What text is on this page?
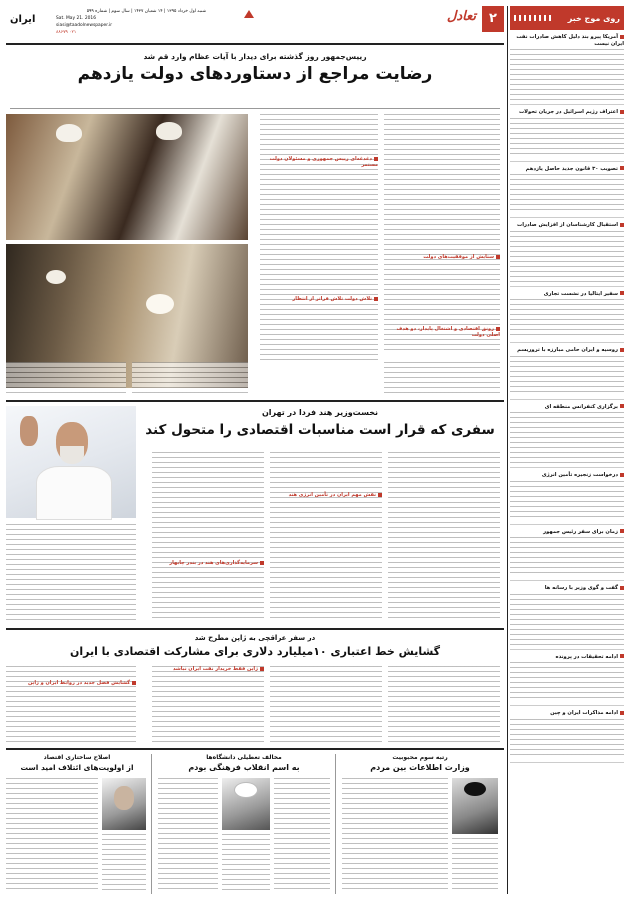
روی موج خبر
آمریکا پیرو بند دلیل کاهش صادرات نفت ایران نیست
اعتراف رژیم اسرائیل در جریان تحولات
تصویب ۳۰ قانون جدید حاصل یازدهم
استقبال کارشناسان از افزایش صادرات
سفیر ایتالیا در نشست تجاری
روسیه و ایران حامی مبارزه با تروریسم
برگزاری کنفرانس منطقه ای
درخواست زنجیره تأمین انرژی
زمان برای سفر رئیس جمهور
گفت و گوی وزیر با رسانه ها
ادامه تحقیقات در پرونده
ادامه مذاکرات ایران و چین
۲
تعادل
شنبه اول خرداد ۱۳۹۵ | ۱۴ شعبان ۱۴۳۷ | سال سوم | شماره ۵۹۹
Sat. May 21. 2016
siasi@taadolnewspaper.ir
۸۸۶۷۹ ۰۲۱
ایران
رییس‌جمهور روز گذشته برای دیدار با آیات عظام وارد قم شد
رضایت مراجع از دستاوردهای دولت یازدهم
ستایش از موفقیت‌های دولت
دغدغه‌ای رییس جمهوری و مسئولان دولت مستمر
تلاش دولت تلاش فراتر از انتظار
رونق اقتصادی و اشتغال پایدار، دو هدف اصلی دولت
نخست‌وزیر هند فردا در تهران
سفری که قرار است مناسبات اقتصادی را متحول کند
نقش مهم ایران در تأمین انرژی هند
سرمایه‌گذاری‌های هند در بندر چابهار
در سفر عراقچی به ژاپن مطرح شد
گشایش خط اعتباری ۱۰میلیارد دلاری برای مشارکت اقتصادی با ایران
ژاپن فقط خریدار نفت ایران نباشد
گشایش فصل جدید در روابط ایران و ژاپن
رتبه سوم محبوبیت
وزارت اطلاعات بین مردم
مخالف تعطیلی دانشگاه‌ها
به اسم انقلاب فرهنگی بودم
اصلاح ساختاری اقتصاد
از اولویت‌های ائتلاف امید است
